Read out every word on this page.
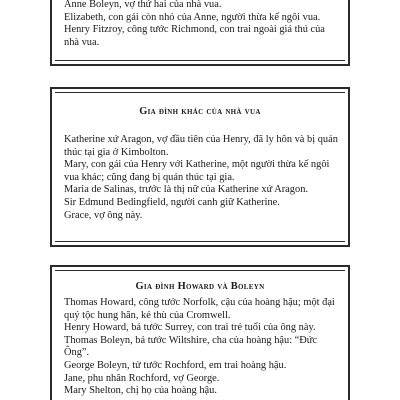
Anne Boleyn, vợ thứ hai của nhà vua.

Elizabeth, con gái còn nhỏ của Anne, người thừa kế ngôi vua.

Henry Fitzroy, công tước Richmond, con trai ngoài giá thú của nhà vua.

Gia đình khác của nhà vua

Katherine xứ Aragon, vợ đầu tiên của Henry, đã ly hôn và bị quản thúc tại gia ở Kimbolton.

Mary, con gái của Henry với Katherine, một người thừa kế ngôi vua khác; cũng đang bị quản thúc tại gia.

Maria de Salinas, trước là thị nữ của Katherine xứ Aragon.

Sir Edmund Bedingfield, người canh giữ Katherine.

Grace, vợ ông này.

Gia đình Howard và Boleyn

Thomas Howard, công tước Norfolk, cậu của hoàng hậu; một đại quý tộc hung hăn, kẻ thù của Cromwell.

Henry Howard, bá tước Surrey, con trai trẻ tuổi của ông này.

Thomas Boleyn, bá tước Wiltshire, cha của hoàng hậu: “Đức Ông”.

George Boleyn, tử tước Rochford, em trai hoàng hậu.

Jane, phu nhân Rochford, vợ George.

Mary Shelton, chị họ của hoàng hậu.
